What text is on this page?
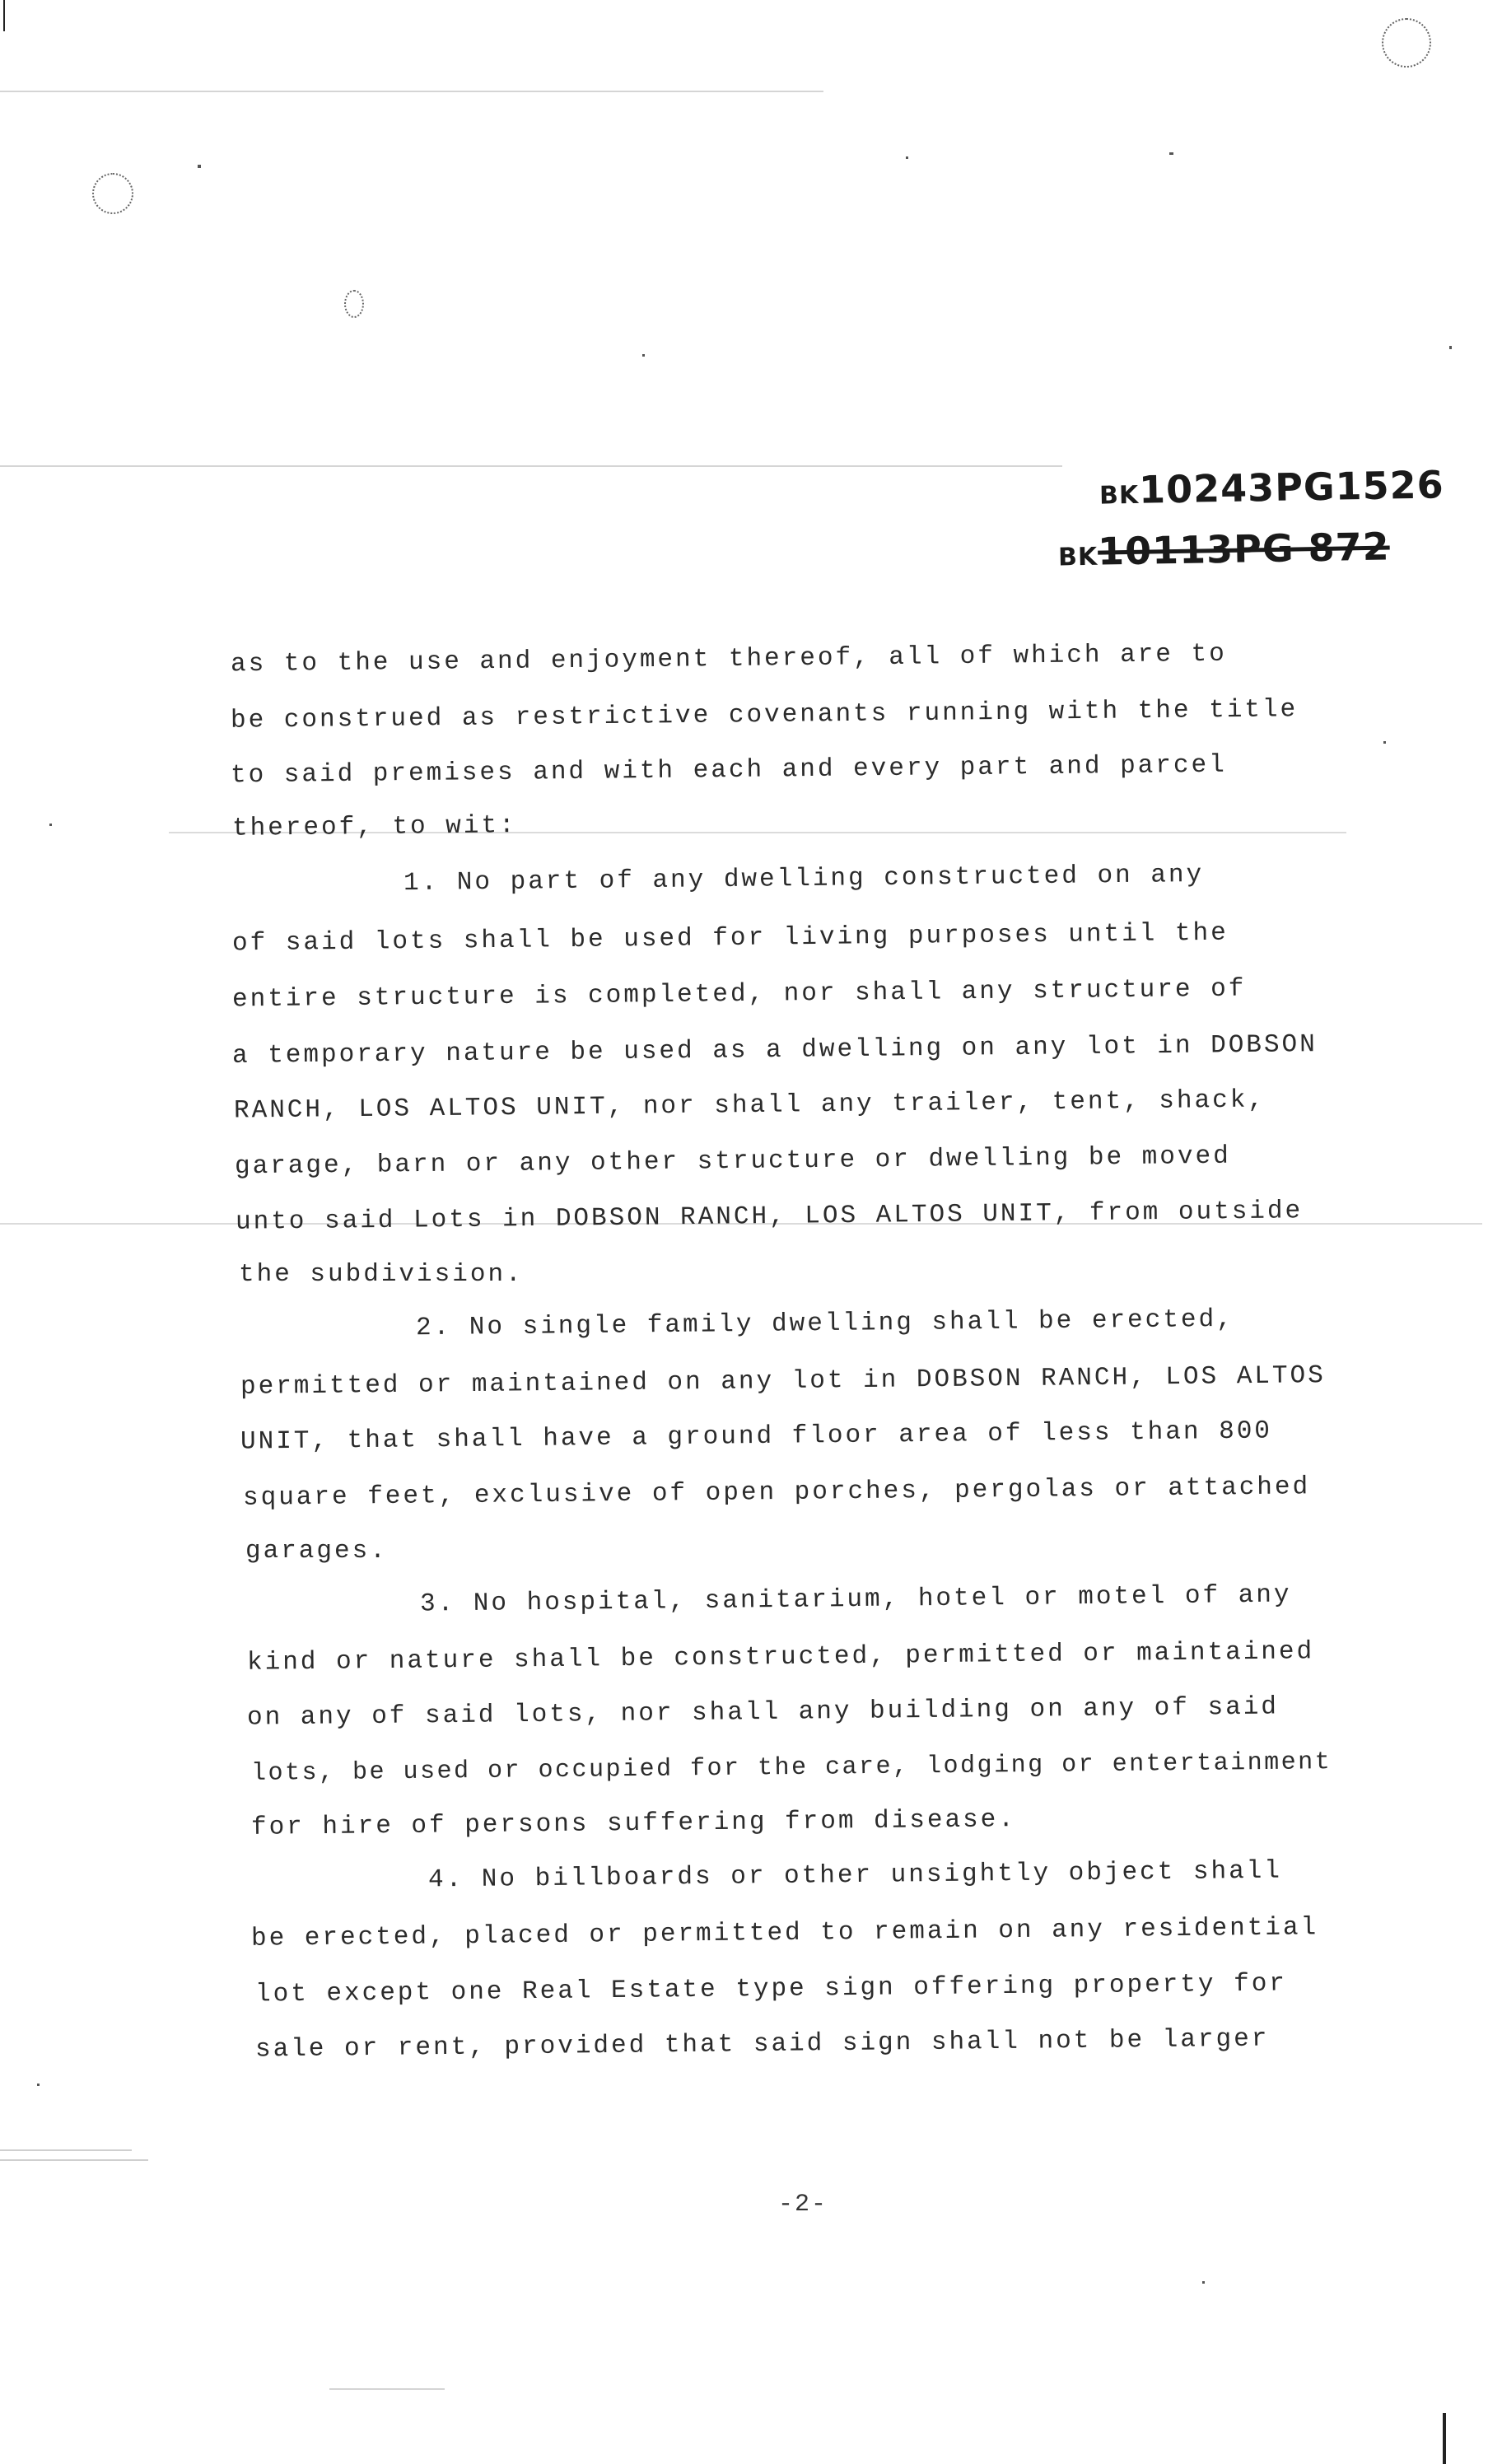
BK10243PG1526
BK10113PG 872
as to the use and enjoyment thereof, all of which are to
be construed as restrictive covenants running with the title
to said premises and with each and every part and parcel
thereof, to wit:
1. No part of any dwelling constructed on any
of said lots shall be used for living purposes until the
entire structure is completed, nor shall any structure of
a temporary nature be used as a dwelling on any lot in DOBSON
RANCH, LOS ALTOS UNIT, nor shall any trailer, tent, shack,
garage, barn or any other structure or dwelling be moved
unto said Lots in DOBSON RANCH, LOS ALTOS UNIT, from outside
the subdivision.
2. No single family dwelling shall be erected,
permitted or maintained on any lot in DOBSON RANCH, LOS ALTOS
UNIT, that shall have a ground floor area of less than 800
square feet, exclusive of open porches, pergolas or attached
garages.
3. No hospital, sanitarium, hotel or motel of any
kind or nature shall be constructed, permitted or maintained
on any of said lots, nor shall any building on any of said
lots, be used or occupied for the care, lodging or entertainment
for hire of persons suffering from disease.
4. No billboards or other unsightly object shall
be erected, placed or permitted to remain on any residential
lot except one Real Estate type sign offering property for
sale or rent, provided that said sign shall not be larger
-2-
